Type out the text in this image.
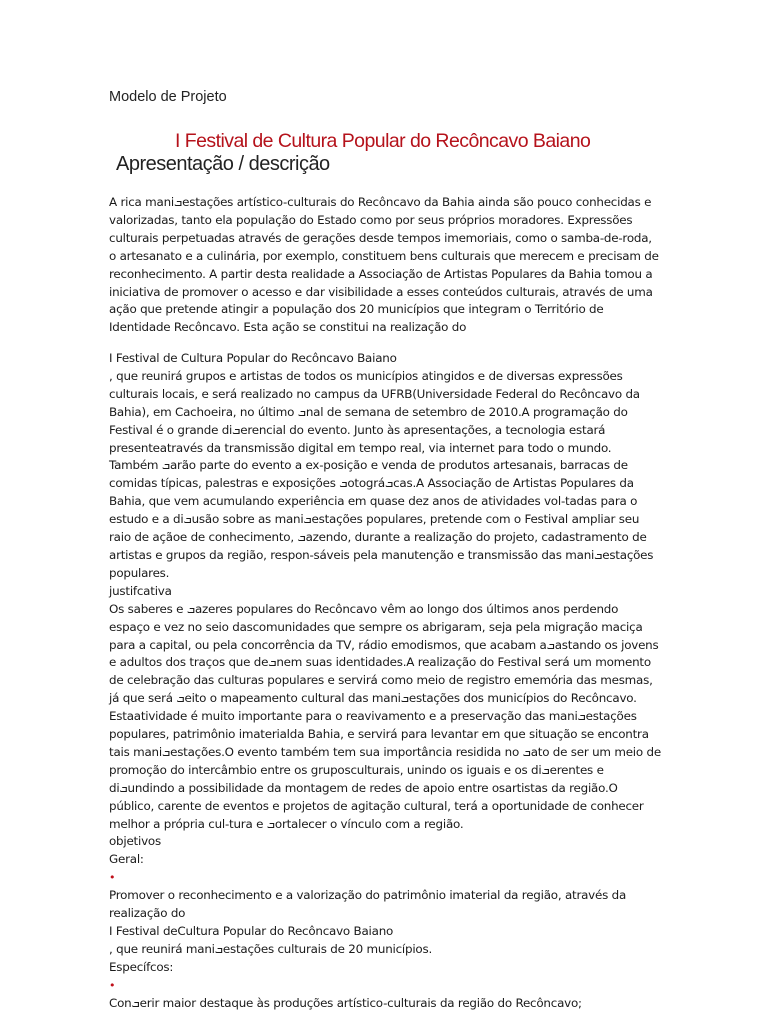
Modelo de Projeto
I Festival de Cultura Popular do Recôncavo Baiano
Apresentação / descrição
A rica maniܒestações artístico-culturais do Recôncavo da Bahia ainda são pouco conhecidas e
valorizadas, tanto ela população do Estado como por seus próprios moradores. Expressões
culturais perpetuadas através de gerações desde tempos imemoriais, como o samba-de-roda,
o artesanato e a culinária, por exemplo, constituem bens culturais que merecem e precisam de
reconhecimento. A partir desta realidade a Associação de Artistas Populares da Bahia tomou a
iniciativa de promover o acesso e dar visibilidade a esses conteúdos culturais, através de uma
ação que pretende atingir a população dos 20 municípios que integram o Território de
Identidade Recôncavo. Esta ação se constitui na realização do
I Festival de Cultura Popular do Recôncavo Baiano
, que reunirá grupos e artistas de todos os municípios atingidos e de diversas expressões
culturais locais, e será realizado no campus da UFRB(Universidade Federal do Recôncavo da
Bahia), em Cachoeira, no último ܒnal de semana de setembro de 2010.A programação do
Festival é o grande diܒerencial do evento. Junto às apresentações, a tecnologia estará
presenteatravés da transmissão digital em tempo real, via internet para todo o mundo.
Também ܒarão parte do evento a ex-posição e venda de produtos artesanais, barracas de
comidas típicas, palestras e exposições ܒotográܒcas.A Associação de Artistas Populares da
Bahia, que vem acumulando experiência em quase dez anos de atividades vol-tadas para o
estudo e a diܒusão sobre as maniܒestações populares, pretende com o Festival ampliar seu
raio de açãoe de conhecimento, ܒazendo, durante a realização do projeto, cadastramento de
artistas e grupos da região, respon-sáveis pela manutenção e transmissão das maniܒestações
populares.
justifcativa
Os saberes e ܒazeres populares do Recôncavo vêm ao longo dos últimos anos perdendo
espaço e vez no seio dascomunidades que sempre os abrigaram, seja pela migração maciça
para a capital, ou pela concorrência da TV, rádio emodismos, que acabam aܒastando os jovens
e adultos dos traços que deܒnem suas identidades.A realização do Festival será um momento
de celebração das culturas populares e servirá como meio de registro ememória das mesmas,
já que será ܒeito o mapeamento cultural das maniܒestações dos municípios do Recôncavo.
Estaatividade é muito importante para o reavivamento e a preservação das maniܒestações
populares, patrimônio imaterialda Bahia, e servirá para levantar em que situação se encontra
tais maniܒestações.O evento também tem sua importância residida no ܒato de ser um meio de
promoção do intercâmbio entre os gruposculturais, unindo os iguais e os diܒerentes e
diܒundindo a possibilidade da montagem de redes de apoio entre osartistas da região.O
público, carente de eventos e projetos de agitação cultural, terá a oportunidade de conhecer
melhor a própria cul-tura e ܒortalecer o vínculo com a região.
objetivos
Geral:
•
Promover o reconhecimento e a valorização do patrimônio imaterial da região, através da
realização do
I Festival deCultura Popular do Recôncavo Baiano
, que reunirá maniܒestações culturais de 20 municípios.
Específcos:
•
Conܒerir maior destaque às produções artístico-culturais da região do Recôncavo;
